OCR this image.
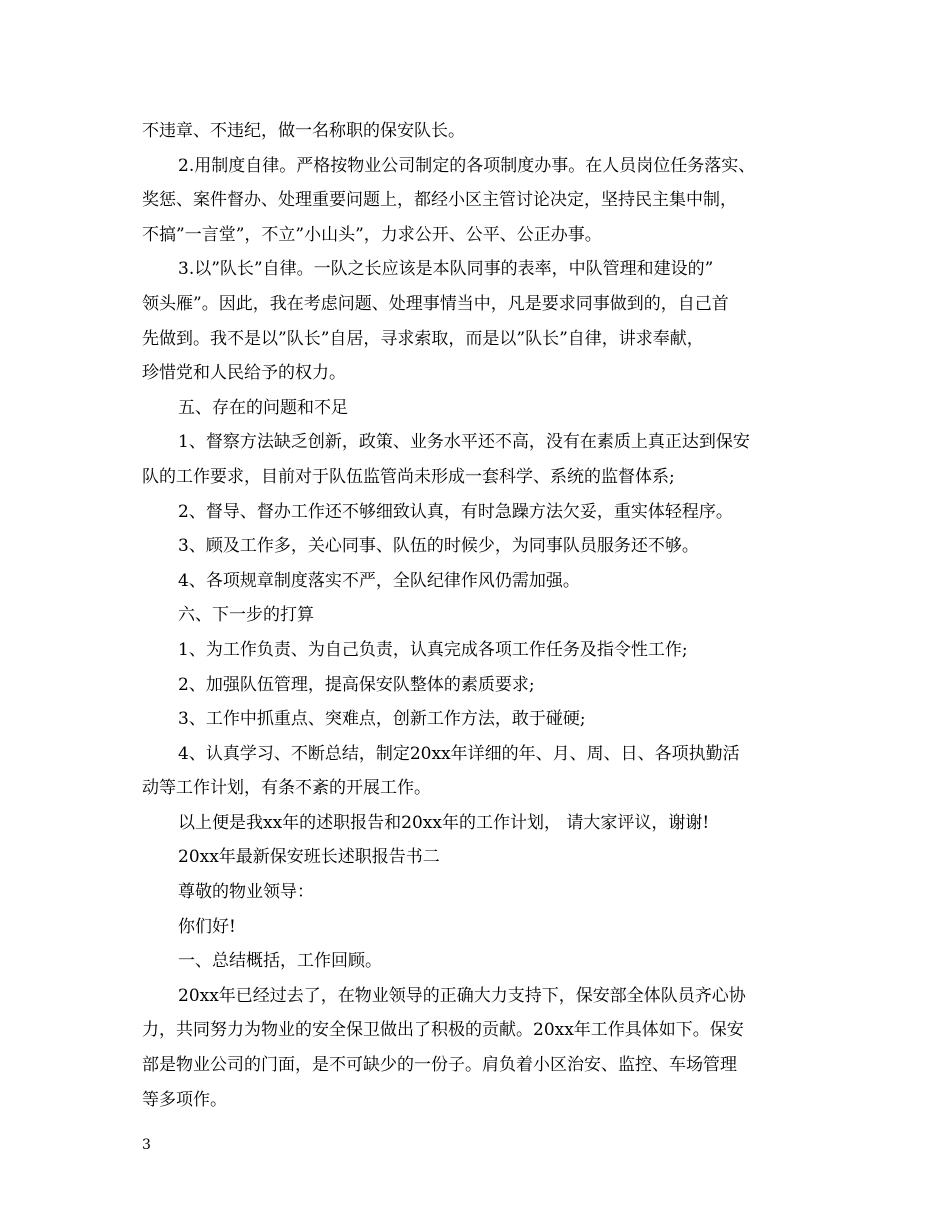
不违章、不违纪，做一名称职的保安队长。
2.用制度自律。严格按物业公司制定的各项制度办事。在人员岗位任务落实、
奖惩、案件督办、处理重要问题上，都经小区主管讨论决定，坚持民主集中制，
不搞”一言堂”，不立”小山头”，力求公开、公平、公正办事。
3.以”队长”自律。一队之长应该是本队同事的表率，中队管理和建设的”
领头雁”。因此，我在考虑问题、处理事情当中，凡是要求同事做到的，自己首
先做到。我不是以”队长”自居，寻求索取，而是以”队长”自律，讲求奉献，
珍惜党和人民给予的权力。
五、存在的问题和不足
1、督察方法缺乏创新，政策、业务水平还不高，没有在素质上真正达到保安
队的工作要求，目前对于队伍监管尚未形成一套科学、系统的监督体系;
2、督导、督办工作还不够细致认真，有时急躁方法欠妥，重实体轻程序。
3、顾及工作多，关心同事、队伍的时候少，为同事队员服务还不够。
4、各项规章制度落实不严，全队纪律作风仍需加强。
六、下一步的打算
1、为工作负责、为自己负责，认真完成各项工作任务及指令性工作;
2、加强队伍管理，提高保安队整体的素质要求;
3、工作中抓重点、突难点，创新工作方法，敢于碰硬;
4、认真学习、不断总结，制定20xx年详细的年、月、周、日、各项执勤活
动等工作计划，有条不紊的开展工作。
以上便是我xx年的述职报告和20xx年的工作计划， 请大家评议，谢谢!
20xx年最新保安班长述职报告书二
尊敬的物业领导：
你们好!
一、总结概括，工作回顾。
20xx年已经过去了，在物业领导的正确大力支持下，保安部全体队员齐心协
力，共同努力为物业的安全保卫做出了积极的贡献。20xx年工作具体如下。保安
部是物业公司的门面，是不可缺少的一份子。肩负着小区治安、监控、车场管理
等多项作。
3
